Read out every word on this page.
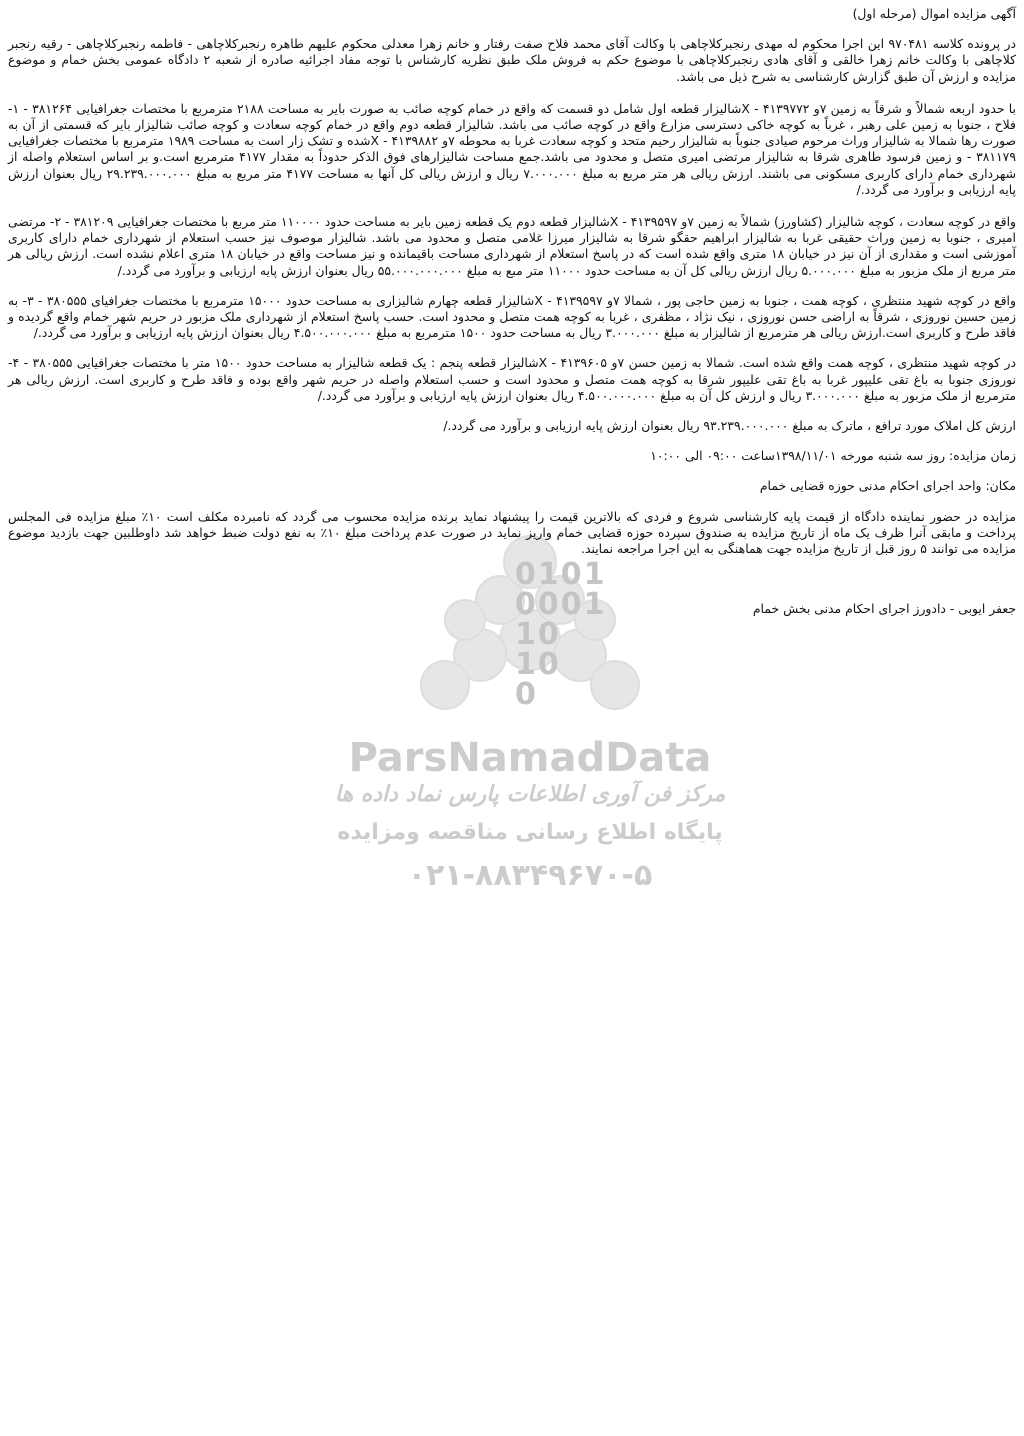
0101
0001
10
10
0
ParsNamadData
مرکز فن آوری اطلاعات پارس نماد داده ها
پایگاه اطلاع رسانی مناقصه ومزایده
۰۲۱-۸۸۳۴۹۶۷۰-۵
آگهی مزایده اموال (مرحله اول)
در پرونده کلاسه ۹۷۰۴۸۱ این اجرا محکوم له مهدی رنجبرکلاچاهی با وکالت آقای محمد فلاح صفت رفتار و خانم زهرا معدلی محکوم علیهم طاهره رنجبرکلاچاهی - فاطمه رنجبرکلاچاهی - رقیه رنجبر کلاچاهی با وکالت خانم زهرا خالقی و آقای هادی رنجبرکلاچاهی با موضوع حکم به فروش ملک طبق نظریه کارشناس با توجه مفاد اجرائیه صادره از شعبه ۲ دادگاه عمومی بخش خمام و موضوع مزایده و ارزش آن طبق گزارش کارشناسی به شرح ذیل می باشد.
با حدود اربعه شمالاً و شرقاً به زمین ۷و ۴۱۳۹۷۷۲ - Xشالیزار قطعه اول شامل دو قسمت که واقع در خمام کوچه صائب به صورت بایر به مساحت ۲۱۸۸ مترمربع با مختصات جغرافیایی ۳۸۱۲۶۴ - ۱- فلاح ، جنوبا به زمین علی رهبر ، غرباً به کوچه خاکی دسترسی مزارع واقع در کوچه صائب می باشد. شالیزار قطعه دوم واقع در خمام کوچه سعادت و کوچه صائب شالیزار بایر که قسمتی از آن به صورت رها شمالا به شالیزار وراث مرحوم صیادی جنوباً به شالیزار رحیم متحد و کوچه سعادت غربا به محوطه ۷و ۴۱۳۹۸۸۲ - Xشده و تشک زار است به مساحت ۱۹۸۹ مترمربع با مختصات جغرافیایی ۳۸۱۱۷۹ - و زمین فرسود طاهری شرقا به شالیزار مرتضی امیری متصل و محدود می باشد.جمع مساحت شالیزارهای فوق الذکر حدوداً به مقدار ۴۱۷۷ مترمربع است.و بر اساس استعلام واصله از شهرداری خمام دارای کاربری مسکونی می باشند. ارزش ریالی هر متر مربع به مبلغ ۷.۰۰۰.۰۰۰ ریال و ارزش ریالی کل آنها به مساحت ۴۱۷۷ متر مربع به مبلغ ۲۹.۲۳۹.۰۰۰.۰۰۰ ریال بعنوان ارزش پایه ارزیابی و برآورد می گردد./
واقع در کوچه سعادت ، کوچه شالیزار (کشاورز) شمالاً به زمین ۷و ۴۱۳۹۵۹۷ - Xشالیزار قطعه دوم یک قطعه زمین بایر به مساحت حدود ۱۱۰۰۰۰ متر مربع با مختصات جغرافیایی ۳۸۱۲۰۹ - ۲- مرتضی امیری ، جنوبا به زمین وراث حقیقی غربا به شالیزار ابراهیم حقگو شرقا به شالیزار میرزا غلامی متصل و محدود می باشد. شالیزار موصوف نیز حسب استعلام از شهرداری خمام دارای کاربری آموزشی است و مقداری از آن نیز در خیابان ۱۸ متری واقع شده است که در پاسخ استعلام از شهرداری مساحت باقیمانده و نیز مساحت واقع در خیابان ۱۸ متری اعلام نشده است. ارزش ریالی هر متر مربع از ملک مزبور به مبلغ ۵.۰۰۰.۰۰۰ ریال ارزش ریالی کل آن به مساحت حدود ۱۱۰۰۰ متر مبع به مبلغ ۵۵.۰۰۰.۰۰۰.۰۰۰ ریال بعنوان ارزش پایه ارزیابی و برآورد می گردد./
واقع در کوچه شهید منتظری ، کوچه همت ، جنوبا به زمین حاجی پور ، شمالا ۷و ۴۱۳۹۵۹۷ - Xشالیزار قطعه چهارم شالیزاری به مساحت حدود ۱۵۰۰۰ مترمربع با مختصات جغرافیای ۳۸۰۵۵۵ - ۳- به زمین حسین نوروزی ، شرقاً به اراضی حسن نوروزی ، نیک نژاد ، مظفری ، غربا به کوچه همت متصل و محدود است. حسب پاسخ استعلام از شهرداری ملک مزبور در حریم شهر خمام واقع گردیده و فاقد طرح و کاربری است.ارزش ریالی هر مترمربع از شالیزار به مبلغ ۳.۰۰۰.۰۰۰ ریال به مساحت حدود ۱۵۰۰ مترمربع به مبلغ ۴.۵۰۰.۰۰۰.۰۰۰ ریال بعنوان ارزش پایه ارزیابی و برآورد می گردد./
در کوچه شهید منتظری ، کوچه همت واقع شده است. شمالا به زمین حسن ۷و ۴۱۳۹۶۰۵ - Xشالیزار قطعه پنجم : یک قطعه شالیزار به مساحت حدود ۱۵۰۰ متر با مختصات جغرافیایی ۳۸۰۵۵۵ - ۴- نوروزی جنوبا به باغ تقی علیپور غربا به باغ تقی علیپور شرقا به کوچه همت متصل و محدود است و حسب استعلام واصله در حریم شهر واقع بوده و فاقد طرح و کاربری است. ارزش ریالی هر مترمربع از ملک مزبور به مبلغ ۳.۰۰۰.۰۰۰ ریال و ارزش کل آن به مبلغ ۴.۵۰۰.۰۰۰.۰۰۰ ریال بعنوان ارزش پایه ارزیابی و برآورد می گردد./
ارزش کل املاک مورد ترافع ، ماترک به مبلغ ۹۳.۲۳۹.۰۰۰.۰۰۰ ریال بعنوان ارزش پایه ارزیابی و برآورد می گردد./
زمان مزایده: روز سه شنبه مورخه ۱۳۹۸/۱۱/۰۱ساعت ۰۹:۰۰ الی ۱۰:۰۰
مکان: واحد اجرای احکام مدنی حوزه قضایی خمام
مزایده در حضور نماینده دادگاه از قیمت پایه کارشناسی شروع و فردی که بالاترین قیمت را پیشنهاد نماید برنده مزایده محسوب می گردد که نامبرده مکلف است ۱۰٪ مبلغ مزایده فی المجلس پرداخت و مابقی آنرا ظرف یک ماه از تاریخ مزایده به صندوق سپرده حوزه قضایی خمام واریز نماید در صورت عدم پرداخت مبلغ ۱۰٪ به نفع دولت ضبط خواهد شد داوطلبین جهت بازدید موضوع مزایده می توانند ۵ روز قبل از تاریخ مزایده جهت هماهنگی به این اجرا مراجعه نمایند.
جعفر ایوبی - دادورز اجرای احکام مدنی بخش خمام
